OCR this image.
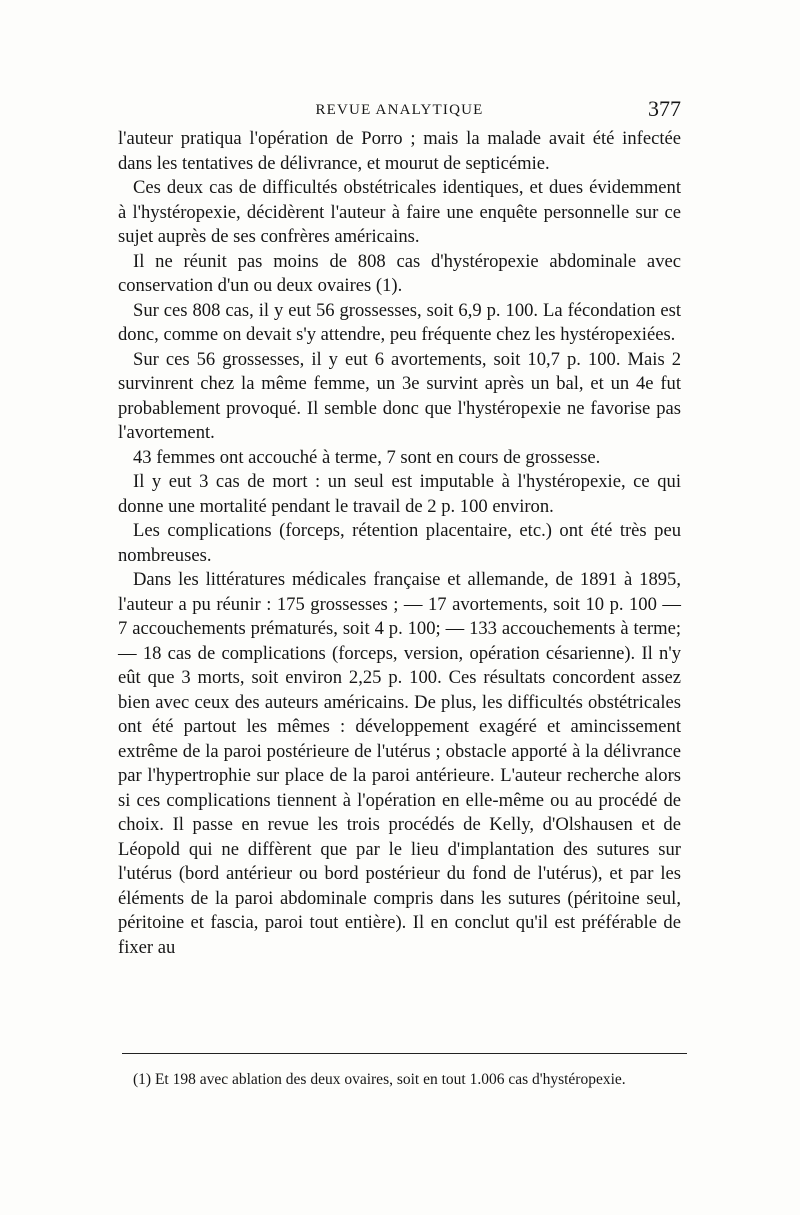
REVUE ANALYTIQUE	377

l'auteur pratiqua l'opération de Porro ; mais la malade avait été infectée dans les tentatives de délivrance, et mourut de septicémie.

Ces deux cas de difficultés obstétricales identiques, et dues évidemment à l'hystéropexie, décidèrent l'auteur à faire une enquête personnelle sur ce sujet auprès de ses confrères américains.

Il ne réunit pas moins de 808 cas d'hystéropexie abdominale avec conservation d'un ou deux ovaires (1).

Sur ces 808 cas, il y eut 56 grossesses, soit 6,9 p. 100. La fécondation est donc, comme on devait s'y attendre, peu fréquente chez les hystéropexiées.

Sur ces 56 grossesses, il y eut 6 avortements, soit 10,7 p. 100. Mais 2 survinrent chez la même femme, un 3e survint après un bal, et un 4e fut probablement provoqué. Il semble donc que l'hystéropexie ne favorise pas l'avortement.

43 femmes ont accouché à terme, 7 sont en cours de grossesse.

Il y eut 3 cas de mort : un seul est imputable à l'hystéropexie, ce qui donne une mortalité pendant le travail de 2 p. 100 environ.

Les complications (forceps, rétention placentaire, etc.) ont été très peu nombreuses.

Dans les littératures médicales française et allemande, de 1891 à 1895, l'auteur a pu réunir : 175 grossesses ; — 17 avortements, soit 10 p. 100 — 7 accouchements prématurés, soit 4 p. 100; — 133 accouchements à terme; — 18 cas de complications (forceps, version, opération césarienne). Il n'y eût que 3 morts, soit environ 2,25 p. 100. Ces résultats concordent assez bien avec ceux des auteurs américains. De plus, les difficultés obstétricales ont été partout les mêmes : développement exagéré et amincissement extrême de la paroi postérieure de l'utérus ; obstacle apporté à la délivrance par l'hypertrophie sur place de la paroi antérieure. L'auteur recherche alors si ces complications tiennent à l'opération en elle-même ou au procédé de choix. Il passe en revue les trois procédés de Kelly, d'Olshausen et de Léopold qui ne diffèrent que par le lieu d'implantation des sutures sur l'utérus (bord antérieur ou bord postérieur du fond de l'utérus), et par les éléments de la paroi abdominale compris dans les sutures (péritoine seul, péritoine et fascia, paroi tout entière). Il en conclut qu'il est préférable de fixer au

(1) Et 198 avec ablation des deux ovaires, soit en tout 1.006 cas d'hystéropexie.
